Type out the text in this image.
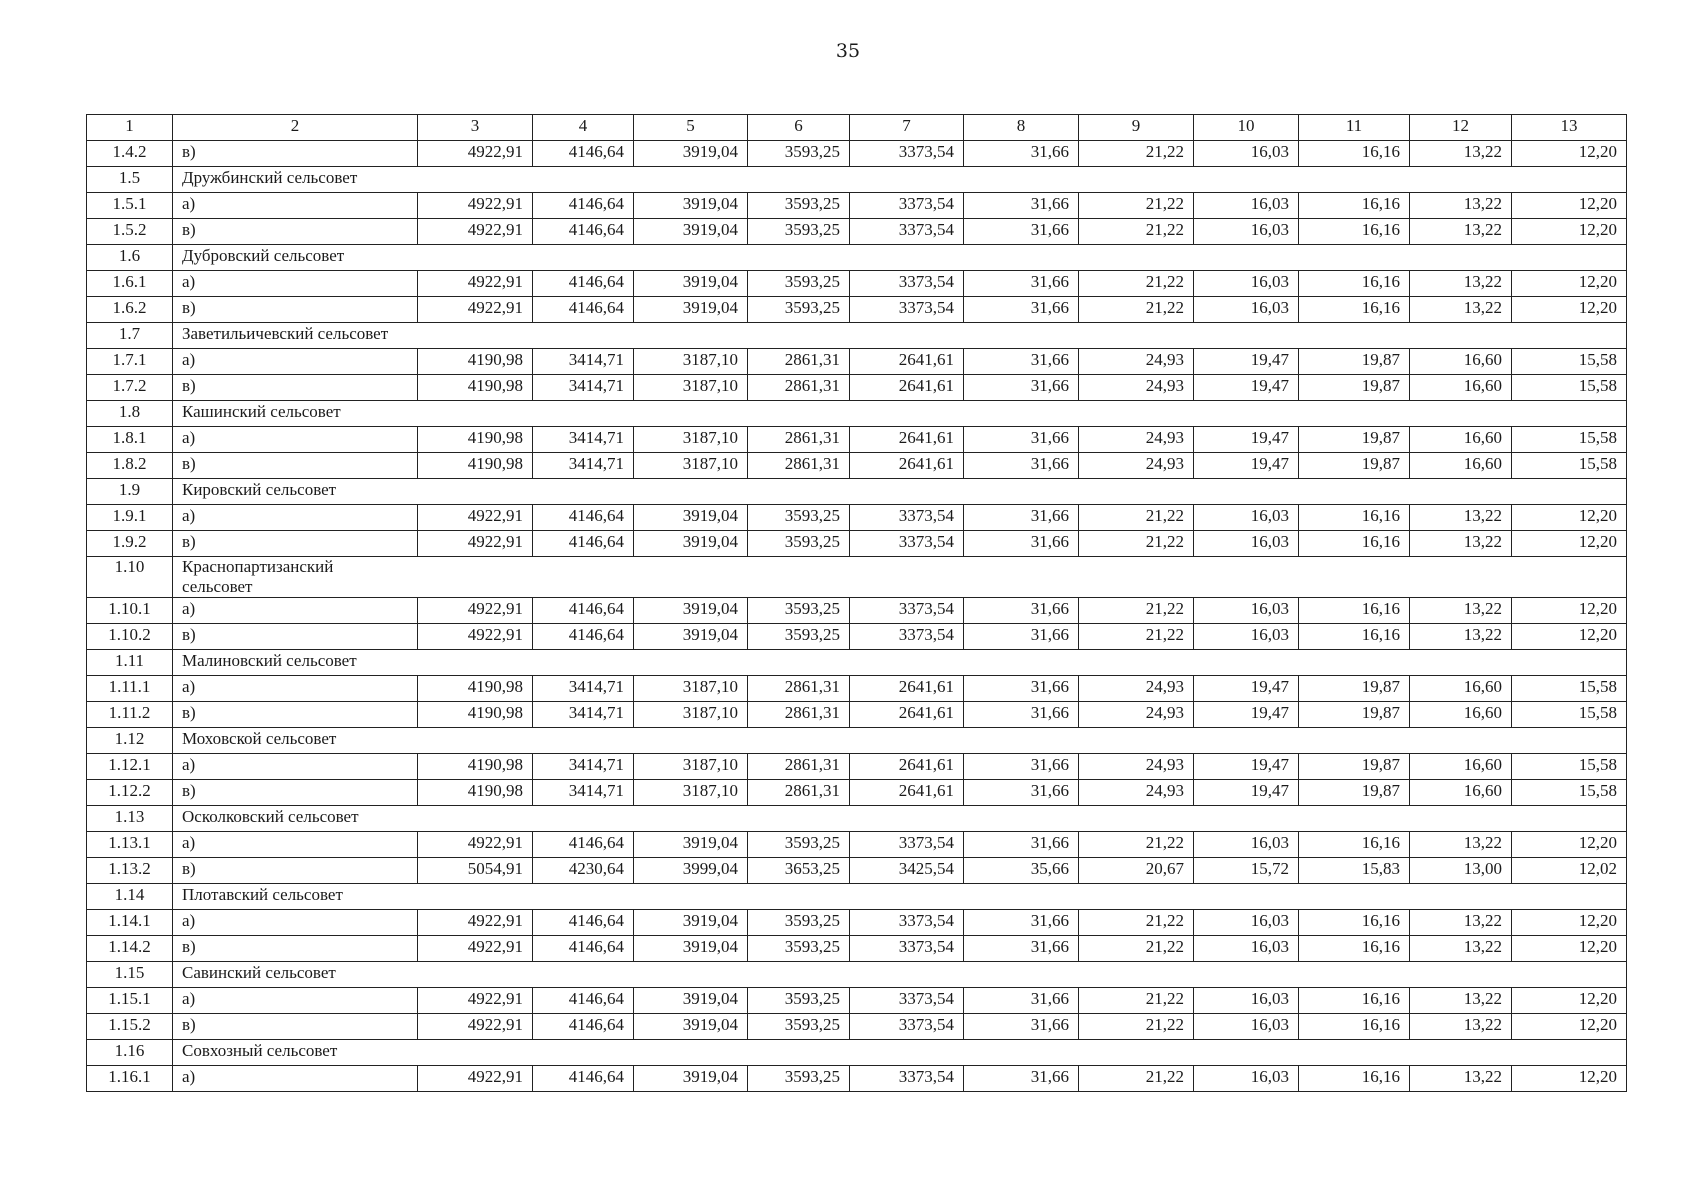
35
1	2	3	4	5	6	7	8	9	10	11	12	13
1.4.2	в)	4922,91	4146,64	3919,04	3593,25	3373,54	31,66	21,22	16,03	16,16	13,22	12,20
1.5	Дружбинский сельсовет											
1.5.1	а)	4922,91	4146,64	3919,04	3593,25	3373,54	31,66	21,22	16,03	16,16	13,22	12,20
1.5.2	в)	4922,91	4146,64	3919,04	3593,25	3373,54	31,66	21,22	16,03	16,16	13,22	12,20
1.6	Дубровский сельсовет											
1.6.1	а)	4922,91	4146,64	3919,04	3593,25	3373,54	31,66	21,22	16,03	16,16	13,22	12,20
1.6.2	в)	4922,91	4146,64	3919,04	3593,25	3373,54	31,66	21,22	16,03	16,16	13,22	12,20
1.7	Заветильичевский сельсовет											
1.7.1	а)	4190,98	3414,71	3187,10	2861,31	2641,61	31,66	24,93	19,47	19,87	16,60	15,58
1.7.2	в)	4190,98	3414,71	3187,10	2861,31	2641,61	31,66	24,93	19,47	19,87	16,60	15,58
1.8	Кашинский сельсовет											
1.8.1	а)	4190,98	3414,71	3187,10	2861,31	2641,61	31,66	24,93	19,47	19,87	16,60	15,58
1.8.2	в)	4190,98	3414,71	3187,10	2861,31	2641,61	31,66	24,93	19,47	19,87	16,60	15,58
1.9	Кировский сельсовет											
1.9.1	а)	4922,91	4146,64	3919,04	3593,25	3373,54	31,66	21,22	16,03	16,16	13,22	12,20
1.9.2	в)	4922,91	4146,64	3919,04	3593,25	3373,54	31,66	21,22	16,03	16,16	13,22	12,20
1.10	Краснопартизанский сельсовет											

1.10.1	а)	4922,91	4146,64	3919,04	3593,25	3373,54	31,66	21,22	16,03	16,16	13,22	12,20
1.10.2	в)	4922,91	4146,64	3919,04	3593,25	3373,54	31,66	21,22	16,03	16,16	13,22	12,20
1.11	Малиновский сельсовет											
1.11.1	а)	4190,98	3414,71	3187,10	2861,31	2641,61	31,66	24,93	19,47	19,87	16,60	15,58
1.11.2	в)	4190,98	3414,71	3187,10	2861,31	2641,61	31,66	24,93	19,47	19,87	16,60	15,58
1.12	Моховской сельсовет											
1.12.1	а)	4190,98	3414,71	3187,10	2861,31	2641,61	31,66	24,93	19,47	19,87	16,60	15,58
1.12.2	в)	4190,98	3414,71	3187,10	2861,31	2641,61	31,66	24,93	19,47	19,87	16,60	15,58
1.13	Осколковский сельсовет											
1.13.1	а)	4922,91	4146,64	3919,04	3593,25	3373,54	31,66	21,22	16,03	16,16	13,22	12,20
1.13.2	в)	5054,91	4230,64	3999,04	3653,25	3425,54	35,66	20,67	15,72	15,83	13,00	12,02
1.14	Плотавский сельсовет											
1.14.1	а)	4922,91	4146,64	3919,04	3593,25	3373,54	31,66	21,22	16,03	16,16	13,22	12,20
1.14.2	в)	4922,91	4146,64	3919,04	3593,25	3373,54	31,66	21,22	16,03	16,16	13,22	12,20
1.15	Савинский сельсовет											
1.15.1	а)	4922,91	4146,64	3919,04	3593,25	3373,54	31,66	21,22	16,03	16,16	13,22	12,20
1.15.2	в)	4922,91	4146,64	3919,04	3593,25	3373,54	31,66	21,22	16,03	16,16	13,22	12,20
1.16	Совхозный сельсовет											
1.16.1	а)	4922,91	4146,64	3919,04	3593,25	3373,54	31,66	21,22	16,03	16,16	13,22	12,20
